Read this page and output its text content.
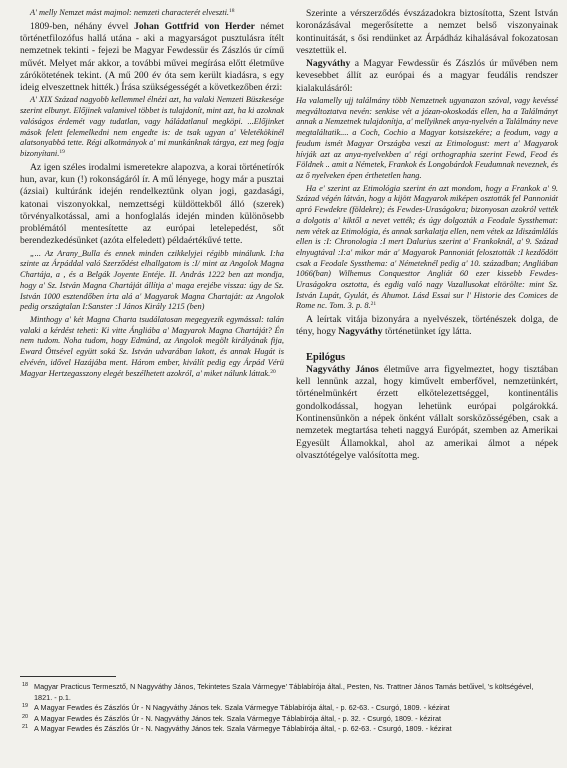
A' melly Nemzet mást majmol: nemzeti characterét elveszti.$^{18}$

1809-ben, néhány évvel Johan Gottfrid von Herder német történetfilozófus hallá utána - aki a magyarságot pusztulásra ítélt nemzetnek tekinti - fejezi be Magyar Fewdessür és Zászlós úr című művét. Melyet már akkor, a további művei megírása előtt életműve zárókötetének tekint. (A mű 200 év óta sem került kiadásra, s egy ideig elveszettnek hitték.) Írása szükségességét a következőben érzi:

A' XIX Század nagyobb kellemmel élnézi azt, ha valaki Nemzeti Büszkesége szerint elbunyt. Előjinek valamivel többet is tulajdonít, mint azt, ha ki azoknak valóságos érdemét vagy tudatlan, vagy háládatlanul megköpi. ...Előjinket mások felett felemelkedni nem engedte is: de tsak ugyan a' Veletékökinél alatsonyabbá tette. Régi alkotmányok a' mi munkánknak tárgya, ezt meg fogja bizonyítani.$^{19}$

Az igen széles irodalmi ismeretekre alapozva, a korai történetírók hun, avar, kun (!) rokonságáról ír. A mű lényege, hogy már a pusztai (ázsiai) kultúránk idején rendelkeztünk olyan jogi, gazdasági, katonai viszonyokkal, nemzettségi küldöttekből álló (szerek) törvényalkotással, ami a honfoglalás idején minden különösebb problémától mentesítette az európai letelepedést, sőt berendezkedésünket (azóta elfeledett) példaértékűvé tette.

„... Az Arany_Bulla és ennek minden czikkelyjei régibb minálunk. I:ha szinte az Árpáddal való Szerződést elhallgatom is :I/ mint az Angolok Magna Chartája, a , és a Belgák Joyente Entéje. II. András 1222 ben azt mondja, hogy a' Sz. István Magna Chartáját állítja a' maga erejébe vissza: úgy de Sz. István 1000 esztendőben írta alá a' Magyarok Magna Chartaját: az Angolok pedig országtalan I:Sanster :I János Király 1215 (ben)

Minthogy a' két Magna Charta tsudálatosan megegyezik egymással: talán valaki a kérdést teheti: Ki vitte Ángliába a' Magyarok Magna Chartáját? Én nem tudom. Noha tudom, hogy Edmúnd, az Angolok megölt királyának fija, Eward Öttsével együtt soká Sz. István udvarában lakott, és annak Hugát is elvévén, idővel Hazájába ment. Három ember, kiválít pedig egy Árpád Vérü Magyar Hertzegasszony elegét beszélhetett azokról, a' miket nálunk láttak.$^{20}$

Szerinte a vérszerződés évszázadokra biztosította, Szent István koronázásával megerősítette a nemzet belső viszonyainak kontinuitását, s ősi rendünket az Árpádház kihalásával fokozatosan vesztettük el.

Nagyváthy a Magyar Fewdessür és Zászlós úr művében nem kevesebbet állít az európai és a magyar feudális rendszer kialakulásáról:

Ha valamelly ujj találmány több Nemzetnek ugyanazon szóval, vagy kevéssé megváltoztatva nevén: senkise vét a józan-okoskodás ellen, ha a Találmányt annak a Nemzetnek tulajdonítja, a' mellyiknek anya-nyelvén a Találmány neve megtaláltatik.... a Coch, Cochio a Magyar kotsiszekére; a feodum, vagy a feudum ismét Magyar Országba veszi az Etimologust: mert a' Magyarok hívják azt az anya-nyelvekben a' régi orthographia szerint Fewd, Feod és Földnek .. amit a Németek, Frankok és Longobárdok Feudumnak neveznek, és az ő nyelveken épen érthetetlen hang.

Ha e' szerint az Etimológia szerint én azt mondom, hogy a Frankok a' 9. Század végén látván, hogy a kijött Magyarok miképen osztották fel Pannoniát apró Fewdekre (földekre); és Fewdes-Uraságokra; bizonyosan azokról vették a dolgotis a' kiktől a nevet vették; és úgy dolgozták a Feodale Syssthemat: nem vétek az Etimológia, és annak sarkalatja ellen, nem vétek az Idiszámlálás ellen is :I: Chronologia :I mert Dalurius szerint a' Frankoknál, a' 9. Század elnyugtával :I:a' mikor már a' Magyarok Pannoniát felosztották :I kezdődött csak a Feodale Syssthema: a' Németeknél pedig a' 10. században; Angliában 1066(ban) Wilhemus Conquesttor Angliát 60 ezer kissebb Fewdes-Uraságokra osztotta, és egdig való nagy Vazallusokat eltörölte: mint Sz. István Lupát, Gyulát, és Ahumot. Lásd Essai sur l' Historie des Comices de Rome nc. Tom. 3. p. 8.21

A leírtak vitája bizonyára a nyelvészek, történészek dolga, de tény, hogy Nagyváthy történetünket így látta.

Epilógus

Nagyváthy János életműve arra figyelmeztet, hogy tisztában kell lennünk azzal, hogy kiművelt emberfővel, nemzetünkért, történelmünkért érzett elkötelezettséggel, kontinentális gondolkodással, hogyan lehetünk európai polgárokká. Kontinensünkön a népek önként vállalt sorsközösségében, csak a nemzetek megtartása teheti naggyá Európát, szemben az Amerikai Egyesült Államokkal, ahol az amerikai álmot a népek olvasztótégelye valósította meg.

18 Magyar Practicus Termesztő, N Nagyváthy János, Tekintetes Szala Vármegye' Táblabírója által., Pesten, Ns. Trattner János Tamás betűivel, 's költségével, 1821. - p.1.
19 A Magyar Fewdes és Zászlós Úr - N Nagyváthy János tek. Szala Vármegye Táblabírója által, - p. 62-63. - Csurgó, 1809. - kézirat
20 A Magyar Fewdes és Zászlós Úr - N. Nagyváthy János tek. Szala Vármegye Táblabírója által, - p. 32. - Csurgó, 1809. - kézirat
21 A Magyar Fewdes és Zászlós Úr - N. Nagyváthy János tek. Szala Vármegye Táblabírója által, - p. 62-63. - Csurgó, 1809. - kézirat
